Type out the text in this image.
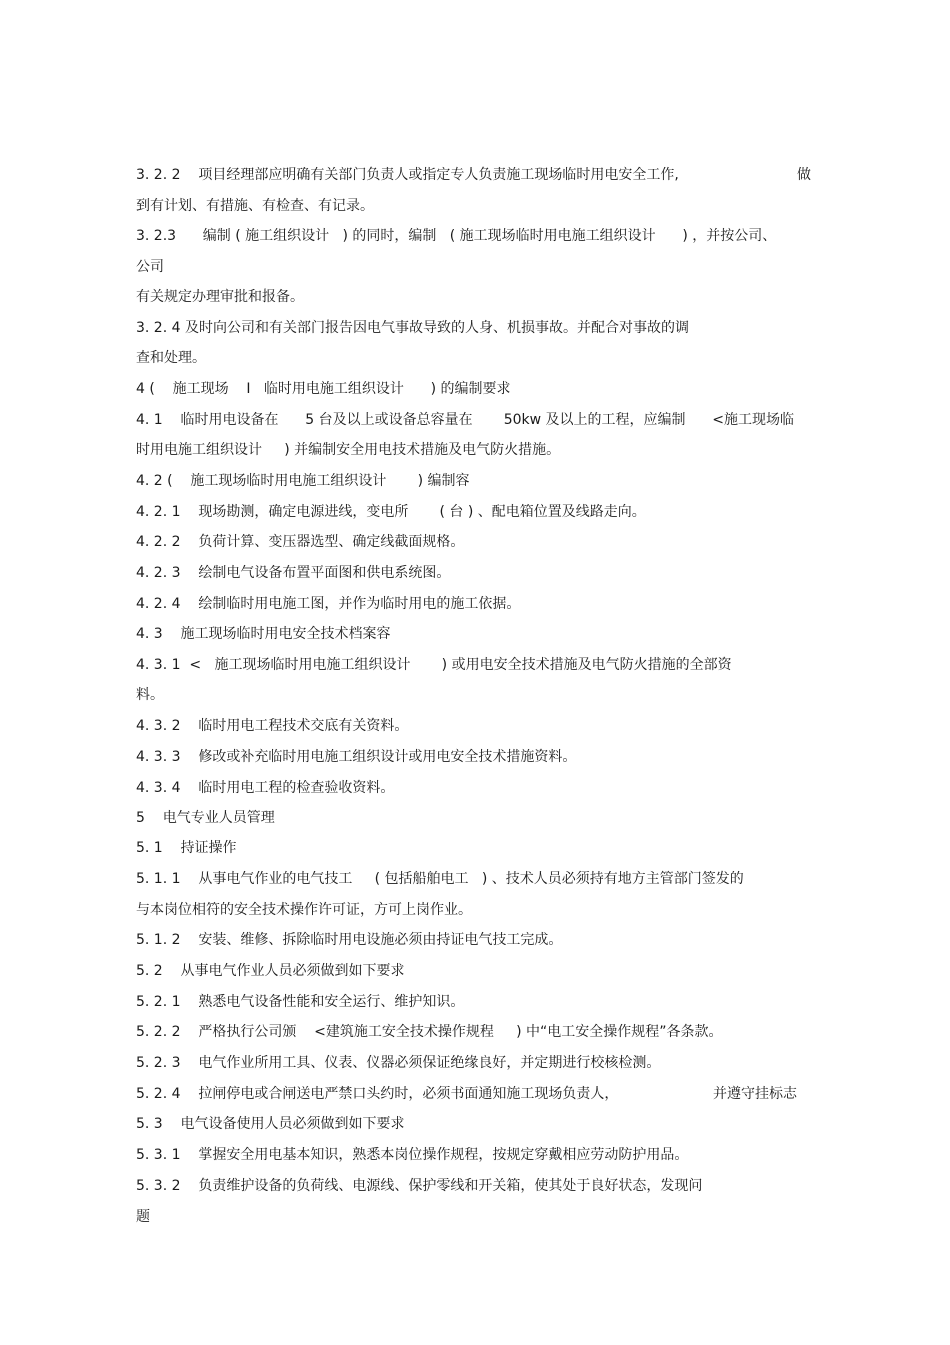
3. 2. 2    项目经理部应明确有关部门负责人或指定专人负责施工现场临时用电安全工作,	做
到有计划、有措施、有检查、有记录。
3. 2.3      编制 ( 施工组织设计   ) 的同时，编制   ( 施工现场临时用电施工组织设计      ) ，并按公司、
公司
有关规定办理审批和报备。
3. 2. 4 及时向公司和有关部门报告因电气事故导致的人身、机损事故。并配合对事故的调
查和处理。
4 (    施工现场    I   临时用电施工组织设计      ) 的编制要求
4. 1    临时用电设备在      5 台及以上或设备总容量在       50kw 及以上的工程，应编制      <施工现场临
时用电施工组织设计     ) 并编制安全用电技术措施及电气防火措施。
4. 2 (    施工现场临时用电施工组织设计       ) 编制容
4. 2. 1    现场勘测，确定电源进线，变电所       ( 台 ) 、配电箱位置及线路走向。
4. 2. 2    负荷计算、变压器选型、确定线截面规格。
4. 2. 3    绘制电气设备布置平面图和供电系统图。
4. 2. 4    绘制临时用电施工图，并作为临时用电的施工依据。
4. 3    施工现场临时用电安全技术档案容
4. 3. 1  <   施工现场临时用电施工组织设计       ) 或用电安全技术措施及电气防火措施的全部资
料。
4. 3. 2    临时用电工程技术交底有关资料。
4. 3. 3    修改或补充临时用电施工组织设计或用电安全技术措施资料。
4. 3. 4    临时用电工程的检查验收资料。
5    电气专业人员管理
5. 1    持证操作
5. 1. 1    从事电气作业的电气技工     ( 包括船舶电工   ) 、技术人员必须持有地方主管部门签发的
与本岗位相符的安全技术操作许可证，方可上岗作业。
5. 1. 2    安装、维修、拆除临时用电设施必须由持证电气技工完成。
5. 2    从事电气作业人员必须做到如下要求
5. 2. 1    熟悉电气设备性能和安全运行、维护知识。
5. 2. 2    严格执行公司颁    <建筑施工安全技术操作规程     ) 中“电工安全操作规程”各条款。
5. 2. 3    电气作业所用工具、仪表、仪器必须保证绝缘良好，并定期进行校核检测。
5. 2. 4    拉闸停电或合闸送电严禁口头约时，必须书面通知施工现场负责人，	并遵守挂标志
5. 3    电气设备使用人员必须做到如下要求
5. 3. 1    掌握安全用电基本知识，熟悉本岗位操作规程，按规定穿戴相应劳动防护用品。
5. 3. 2    负责维护设备的负荷线、电源线、保护零线和开关箱，使其处于良好状态，发现问
题
